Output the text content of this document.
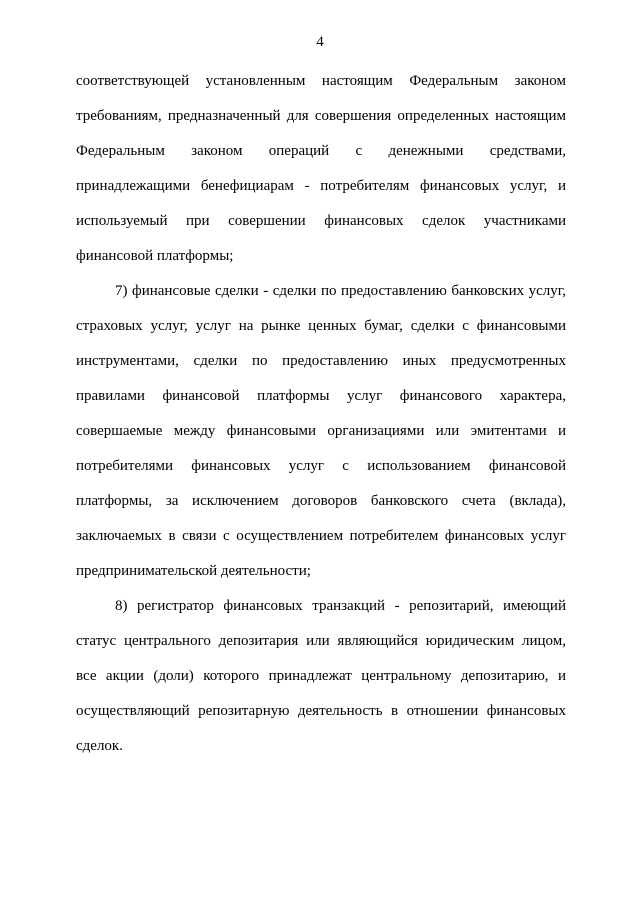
4
соответствующей установленным настоящим Федеральным законом
требованиям, предназначенный для совершения определенных настоящим
Федеральным законом операций с денежными средствами,
принадлежащими бенефициарам - потребителям финансовых услуг, и
используемый при совершении финансовых сделок участниками
финансовой платформы;
7) финансовые сделки - сделки по предоставлению банковских услуг,
страховых услуг, услуг на рынке ценных бумаг, сделки с финансовыми
инструментами, сделки по предоставлению иных предусмотренных
правилами финансовой платформы услуг финансового характера,
совершаемые между финансовыми организациями или эмитентами и
потребителями финансовых услуг с использованием финансовой
платформы, за исключением договоров банковского счета (вклада),
заключаемых в связи с осуществлением потребителем финансовых услуг
предпринимательской деятельности;
8) регистратор финансовых транзакций - репозитарий, имеющий
статус центрального депозитария или являющийся юридическим лицом,
все акции (доли) которого принадлежат центральному депозитарию, и
осуществляющий репозитарную деятельность в отношении финансовых
сделок.
